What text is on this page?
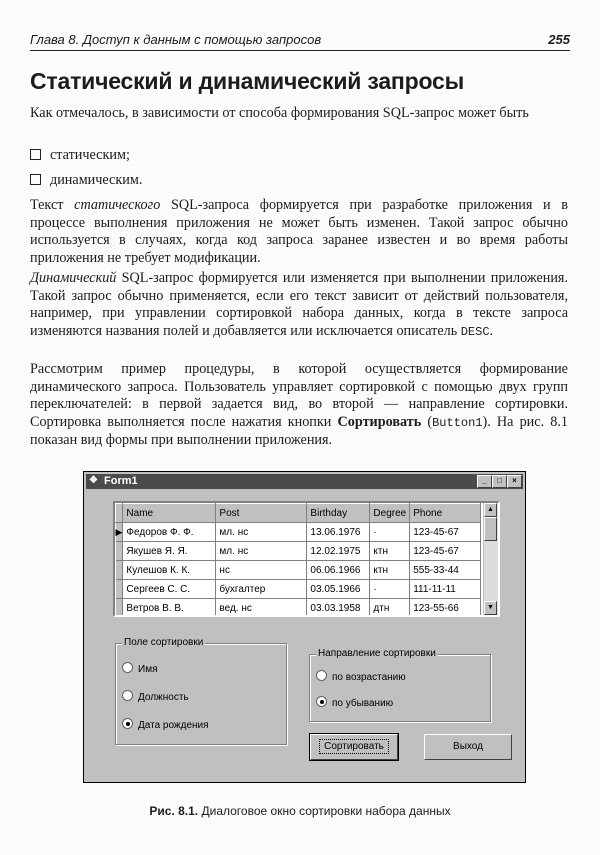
Глава 8. Доступ к данным с помощью запросов	255
Статический и динамический запросы

Как отмечалось, в зависимости от способа формирования SQL-запрос может быть

статическим;
динамическим.

Текст статического SQL-запроса формируется при разработке приложения и в процессе выполнения приложения не может быть изменен. Такой запрос обычно используется в случаях, когда код запроса заранее известен и во время работы приложения не требует модификации.

Динамический SQL-запрос формируется или изменяется при выполнении приложения. Такой запрос обычно применяется, если его текст зависит от действий пользователя, например, при управлении сортировкой набора данных, когда в тексте запроса изменяются названия полей и добавляется или исключается описатель DESC.

Рассмотрим пример процедуры, в которой осуществляется формирование динамического запроса. Пользователь управляет сортировкой с помощью двух групп переключателей: в первой задается вид, во второй — направление сортировки. Сортировка выполняется после нажатия кнопки Сортировать (Button1). На рис. 8.1 показан вид формы при выполнении приложения.

❖ Form1	_	□	×
	Name	Post	Birthday	Degree	Phone
▶	Федоров Ф. Ф.	мл. нс	13.06.1976	·	123-45-67
	Якушев Я. Я.	мл. нс	12.02.1975	ктн	123-45-67
	Кулешов К. К.	нс	06.06.1966	ктн	555-33-44
	Сергеев С. С.	бухгалтер	03.05.1966	·	111-11-11
	Ветров В. В.	вед. нс	03.03.1958	дтн	123-55-66
▲
▼
Поле сортировки
Имя
Должность
Дата рождения
Направление сортировки
по возрастанию
по убыванию
Сортировать	Выход
Рис. 8.1. Диалоговое окно сортировки набора данных
